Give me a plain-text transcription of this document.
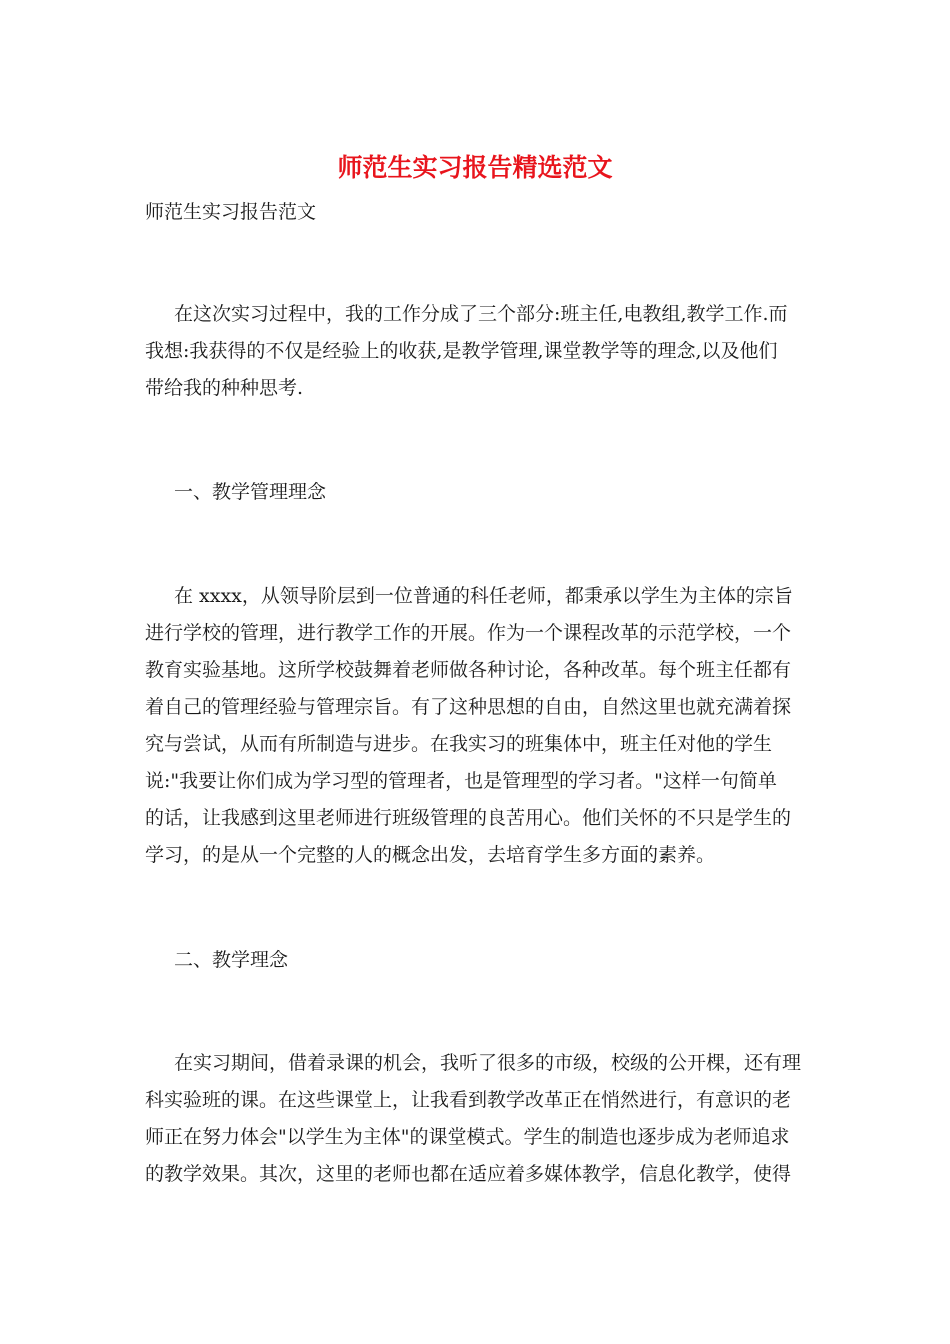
师范生实习报告精选范文

师范生实习报告范文

在这次实习过程中，我的工作分成了三个部分:班主任,电教组,教学工作.而

我想:我获得的不仅是经验上的收获,是教学管理,课堂教学等的理念,以及他们

带给我的种种思考.

一、教学管理理念

在 xxxx，从领导阶层到一位普通的科任老师，都秉承以学生为主体的宗旨

进行学校的管理，进行教学工作的开展。作为一个课程改革的示范学校，一个

教育实验基地。这所学校鼓舞着老师做各种讨论，各种改革。每个班主任都有

着自己的管理经验与管理宗旨。有了这种思想的自由，自然这里也就充满着探

究与尝试，从而有所制造与进步。在我实习的班集体中，班主任对他的学生

说:"我要让你们成为学习型的管理者，也是管理型的学习者。"这样一句简单

的话，让我感到这里老师进行班级管理的良苦用心。他们关怀的不只是学生的

学习，的是从一个完整的人的概念出发，去培育学生多方面的素养。

二、教学理念

在实习期间，借着录课的机会，我听了很多的市级，校级的公开棵，还有理

科实验班的课。在这些课堂上，让我看到教学改革正在悄然进行，有意识的老

师正在努力体会"以学生为主体"的课堂模式。学生的制造也逐步成为老师追求

的教学效果。其次，这里的老师也都在适应着多媒体教学，信息化教学，使得
